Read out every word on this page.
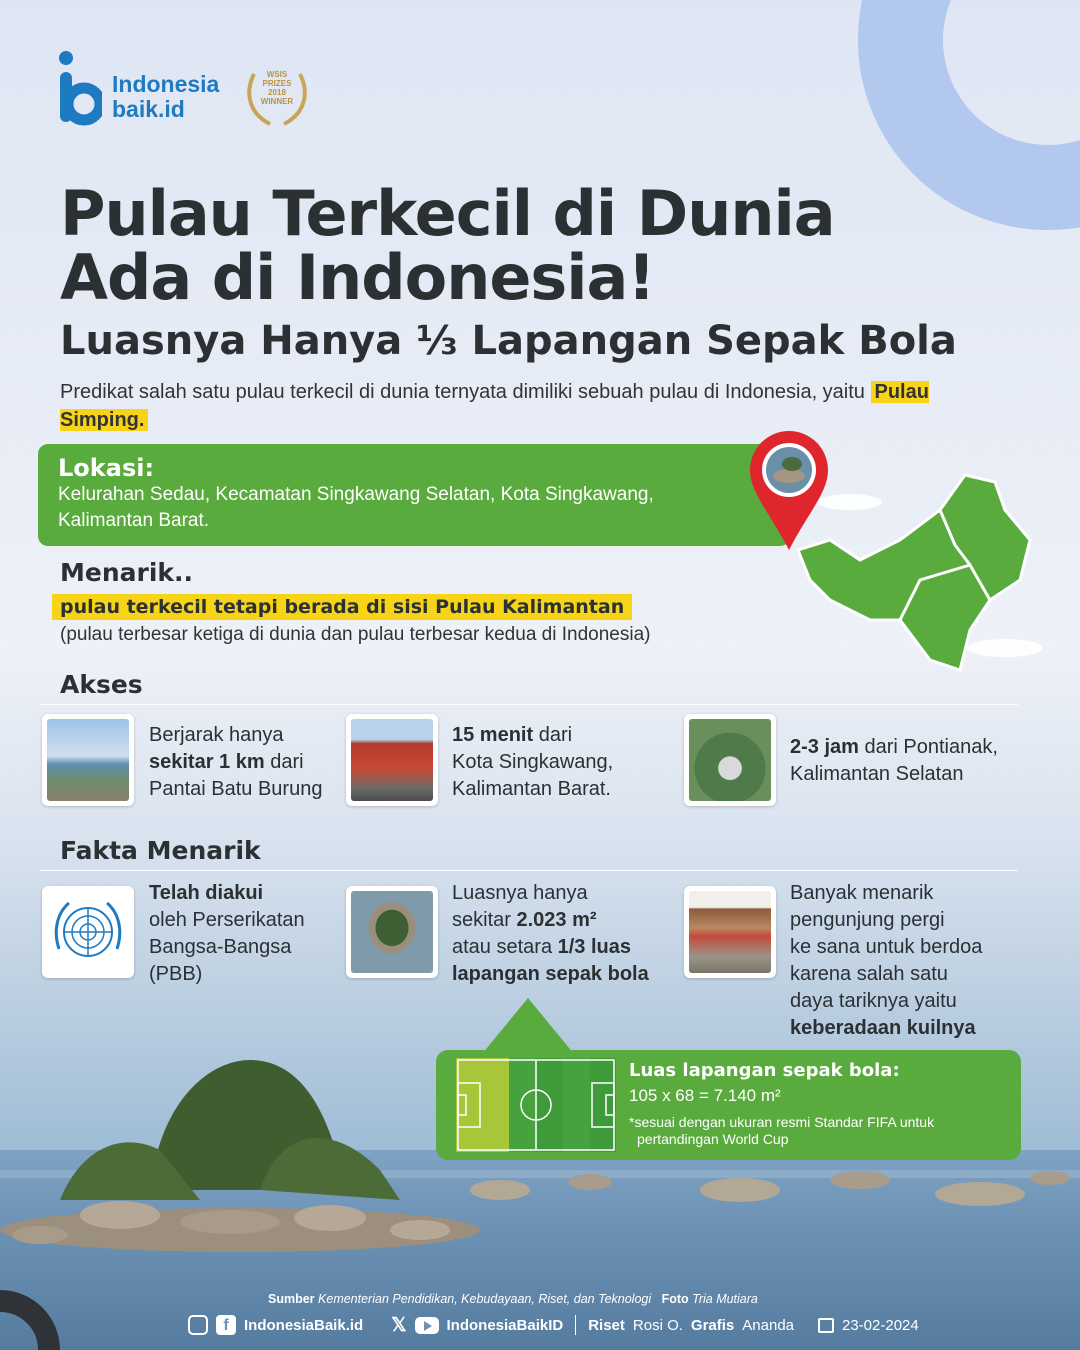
Indonesia
baik.id
WSIS
PRIZES
2018
WINNER
Pulau Terkecil di Dunia
Ada di Indonesia!
Luasnya Hanya ⅓ Lapangan Sepak Bola
Predikat salah satu pulau terkecil di dunia ternyata dimiliki sebuah pulau di Indonesia, yaitu Pulau Simping.
Lokasi:
Kelurahan Sedau, Kecamatan Singkawang Selatan, Kota Singkawang,
Kalimantan Barat.
Menarik..
pulau terkecil tetapi berada di sisi Pulau Kalimantan
(pulau terbesar ketiga di dunia dan pulau terbesar kedua di Indonesia)
Akses
Berjarak hanya
sekitar 1 km dari
Pantai Batu Burung
15 menit dari
Kota Singkawang,
Kalimantan Barat.
2-3 jam dari Pontianak,
Kalimantan Selatan
Fakta Menarik
Telah diakui
oleh Perserikatan
Bangsa-Bangsa
(PBB)
Luasnya hanya
sekitar 2.023 m²
atau setara 1/3 luas
lapangan sepak bola
Banyak menarik
pengunjung pergi
ke sana untuk berdoa
karena salah satu
daya tariknya yaitu
keberadaan kuilnya
Luas lapangan sepak bola:
105 x 68 = 7.140 m²
*sesuai dengan ukuran resmi Standar FIFA untuk
pertandingan World Cup
Sumber Kementerian Pendidikan, Kebudayaan, Riset, dan Teknologi Foto Tria Mutiara
f	IndonesiaBaik.id 𝕏	IndonesiaBaikID Riset Rosi O. Grafis Ananda	23-02-2024
